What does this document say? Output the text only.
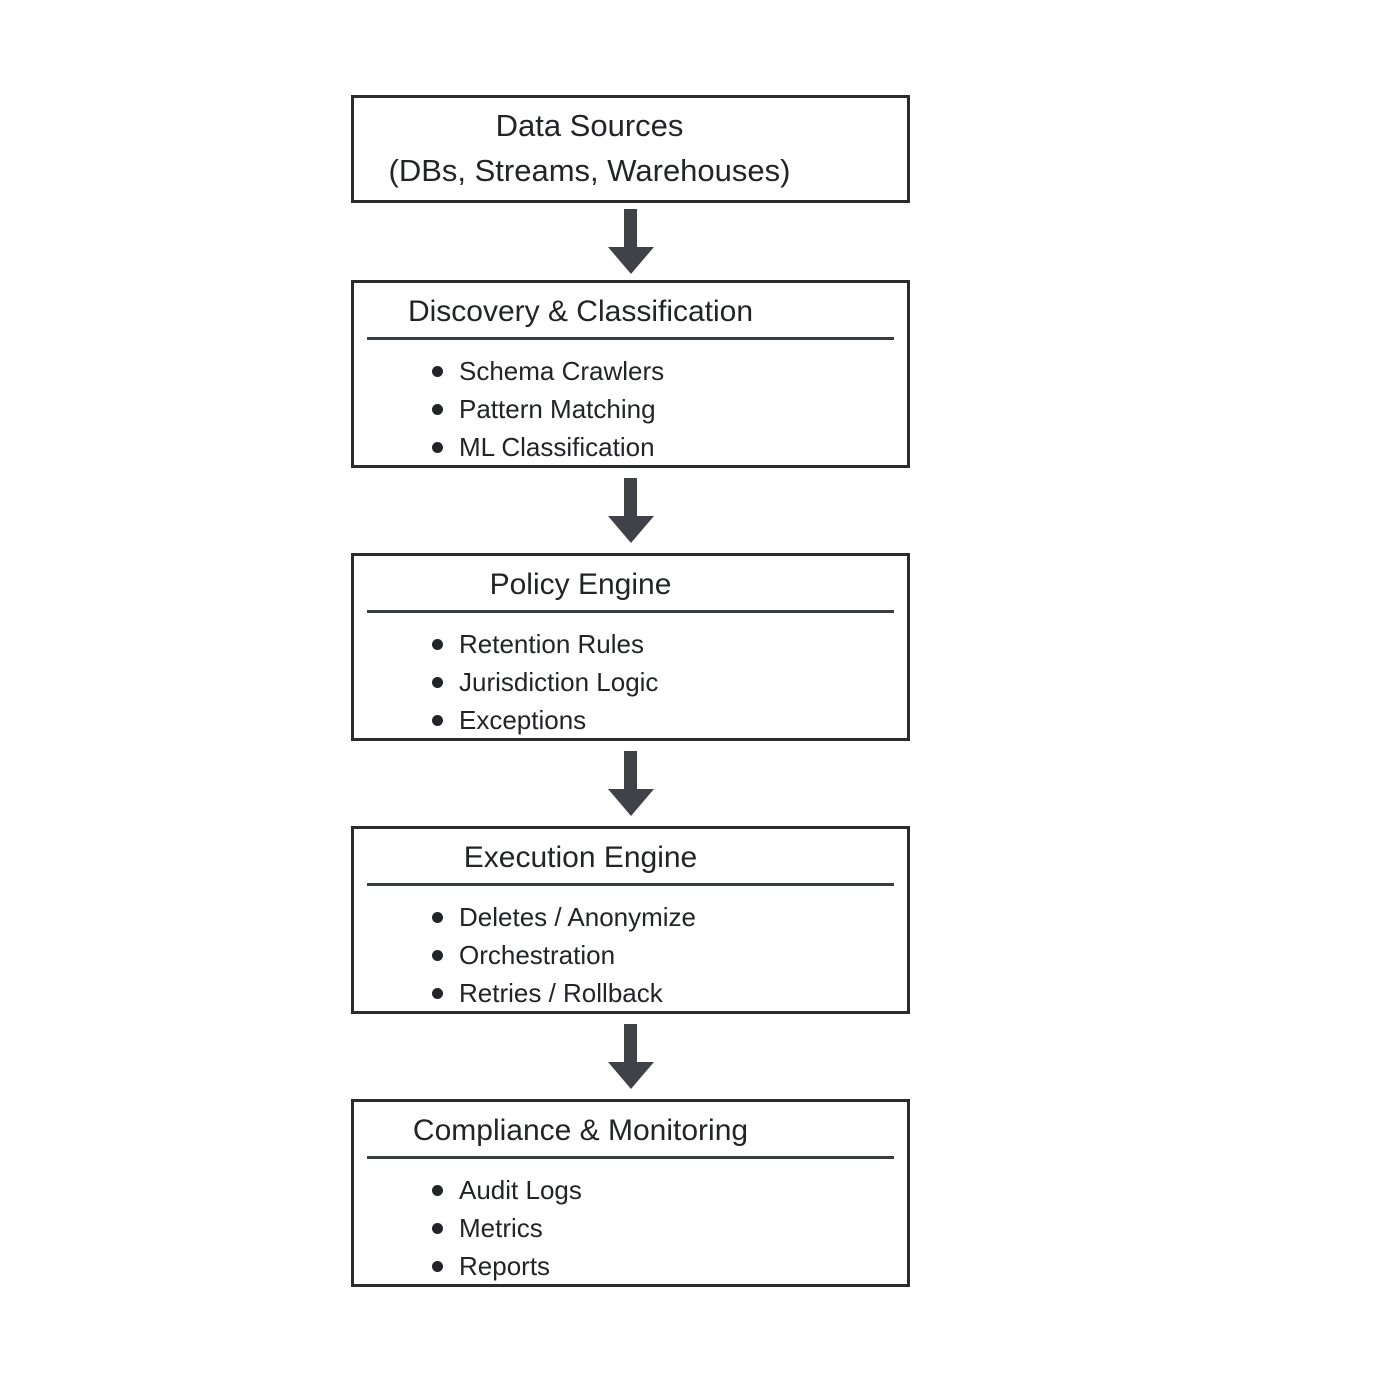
Data Sources
(DBs, Streams, Warehouses)
Discovery & Classification
Schema Crawlers
Pattern Matching
ML Classification
Policy Engine
Retention Rules
Jurisdiction Logic
Exceptions
Execution Engine
Deletes / Anonymize
Orchestration
Retries / Rollback
Compliance & Monitoring
Audit Logs
Metrics
Reports
